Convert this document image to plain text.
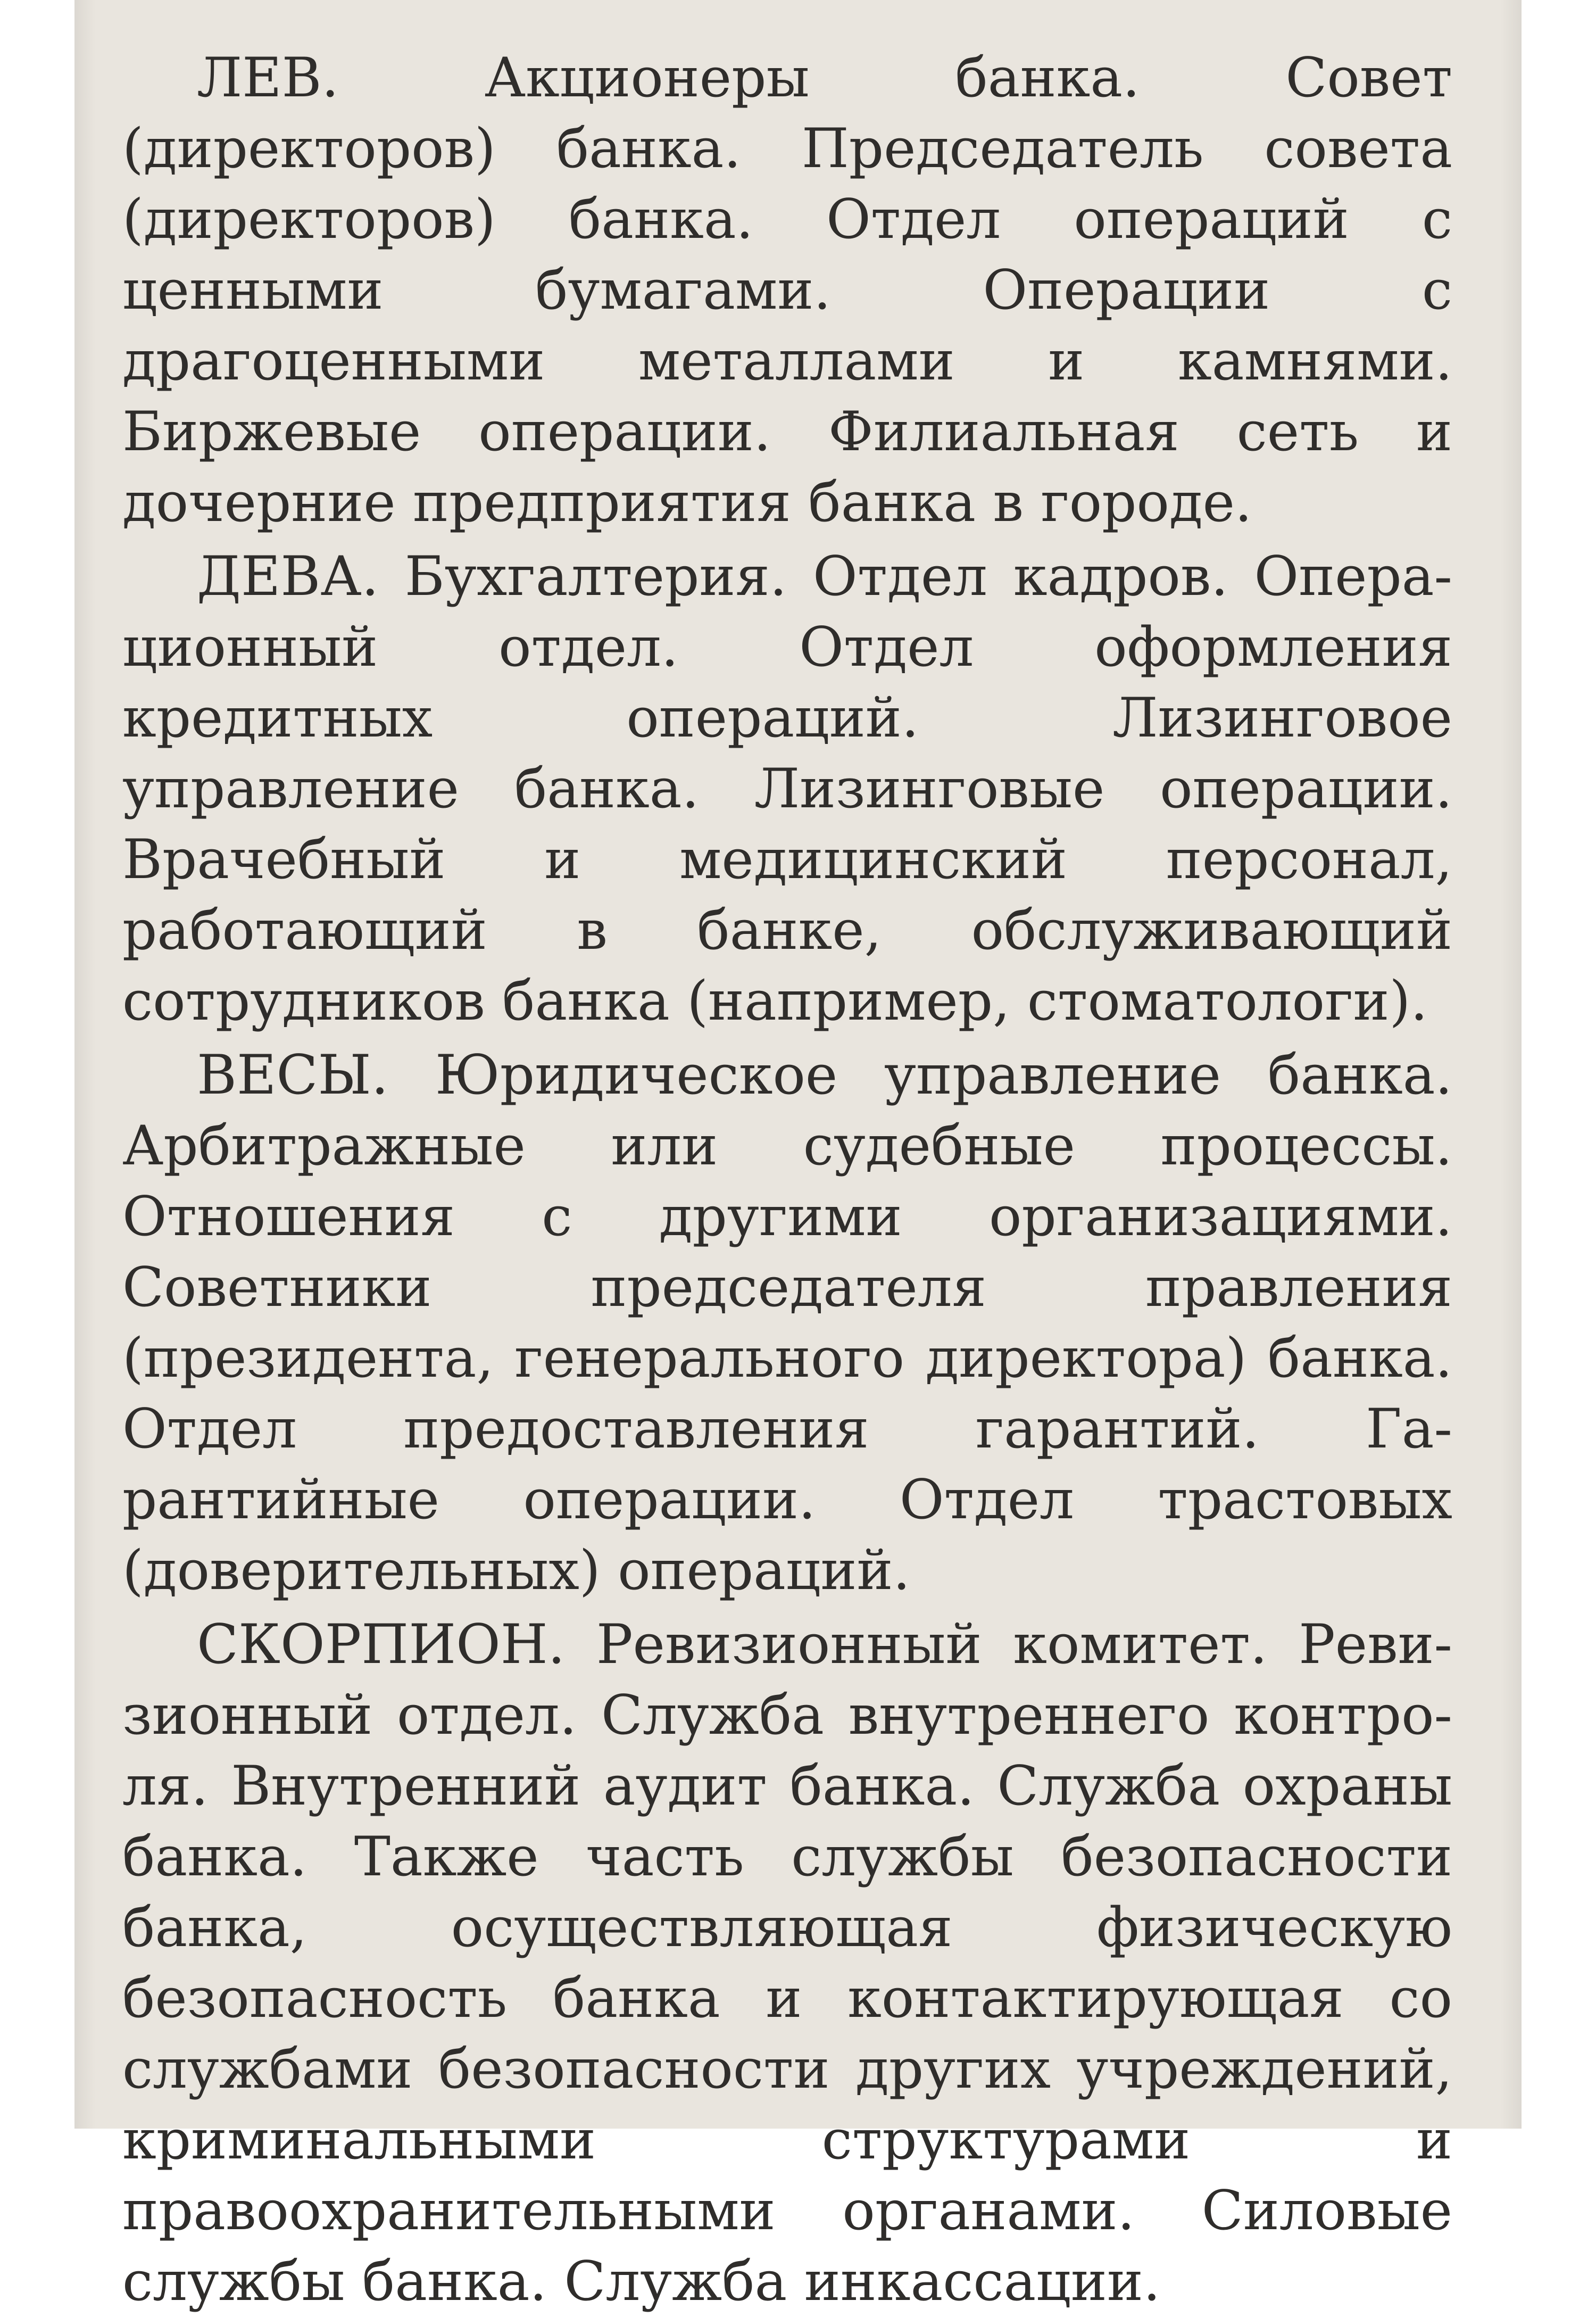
ЛЕВ. Акционеры банка. Совет (директоров) банка. Председатель совета (директоров) банка. Отдел операций с ценными бумагами. Операции с драгоценными металлами и камнями. Биржевые операции. Филиальная сеть и дочерние предприятия банка в городе.

ДЕВА. Бухгалтерия. Отдел кадров. Операционный отдел. Отдел оформления кредитных операций. Лизинговое управление банка. Лизинговые операции. Врачебный и медицинский персонал, работающий в банке, обслуживающий сотрудников банка (например, стоматологи).

ВЕСЫ. Юридическое управление банка. Арбитражные или судебные процессы. Отношения с другими организациями. Советники председателя правления (президента, генерального директора) банка. Отдел предоставления гарантий. Гарантийные операции. Отдел трастовых (доверительных) операций.

СКОРПИОН. Ревизионный комитет. Ревизионный отдел. Служба внутреннего контроля. Внутренний аудит банка. Служба охраны банка. Также часть службы безопасности банка, осуществляющая физическую безопасность банка и контактирующая со службами безопасности других учреждений, криминальными структурами и правоохранительными органами. Силовые службы банка. Служба инкассации.
